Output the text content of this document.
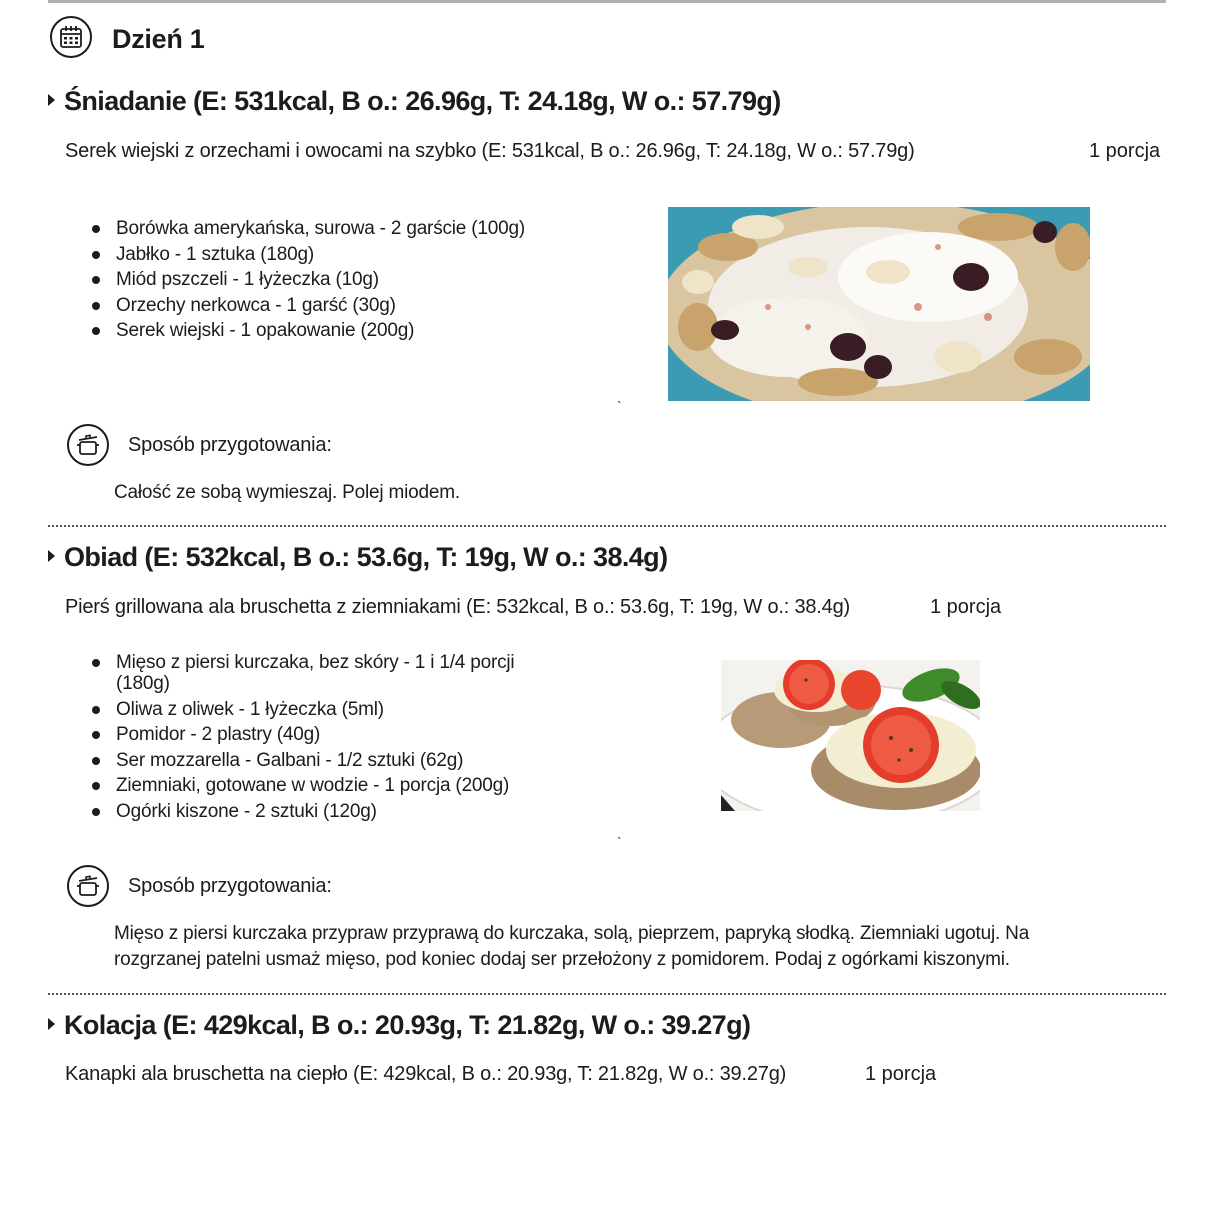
Dzień 1
Śniadanie (E: 531kcal, B o.: 26.96g, T: 24.18g, W o.: 57.79g)
Serek wiejski z orzechami i owocami na szybko (E: 531kcal, B o.: 26.96g, T: 24.18g, W o.: 57.79g)	1 porcja
Borówka amerykańska, surowa - 2 garście (100g)
Jabłko - 1 sztuka (180g)
Miód pszczeli - 1 łyżeczka (10g)
Orzechy nerkowca - 1 garść (30g)
Serek wiejski - 1 opakowanie (200g)
`
Sposób przygotowania:
Całość ze sobą wymieszaj. Polej miodem.
Obiad (E: 532kcal, B o.: 53.6g, T: 19g, W o.: 38.4g)
Pierś grillowana ala bruschetta z ziemniakami (E: 532kcal, B o.: 53.6g, T: 19g, W o.: 38.4g)	1 porcja
Mięso z piersi kurczaka, bez skóry - 1 i 1/4 porcji (180g)
Oliwa z oliwek - 1 łyżeczka (5ml)
Pomidor - 2 plastry (40g)
Ser mozzarella - Galbani - 1/2 sztuki (62g)
Ziemniaki, gotowane w wodzie - 1 porcja (200g)
Ogórki kiszone - 2 sztuki (120g)
`
Sposób przygotowania:
Mięso z piersi kurczaka przypraw przyprawą do kurczaka, solą, pieprzem, papryką słodką. Ziemniaki ugotuj. Na rozgrzanej patelni usmaż mięso, pod koniec dodaj ser przełożony z pomidorem. Podaj z ogórkami kiszonymi.
Kolacja (E: 429kcal, B o.: 20.93g, T: 21.82g, W o.: 39.27g)
Kanapki ala bruschetta na ciepło (E: 429kcal, B o.: 20.93g, T: 21.82g, W o.: 39.27g)	1 porcja
